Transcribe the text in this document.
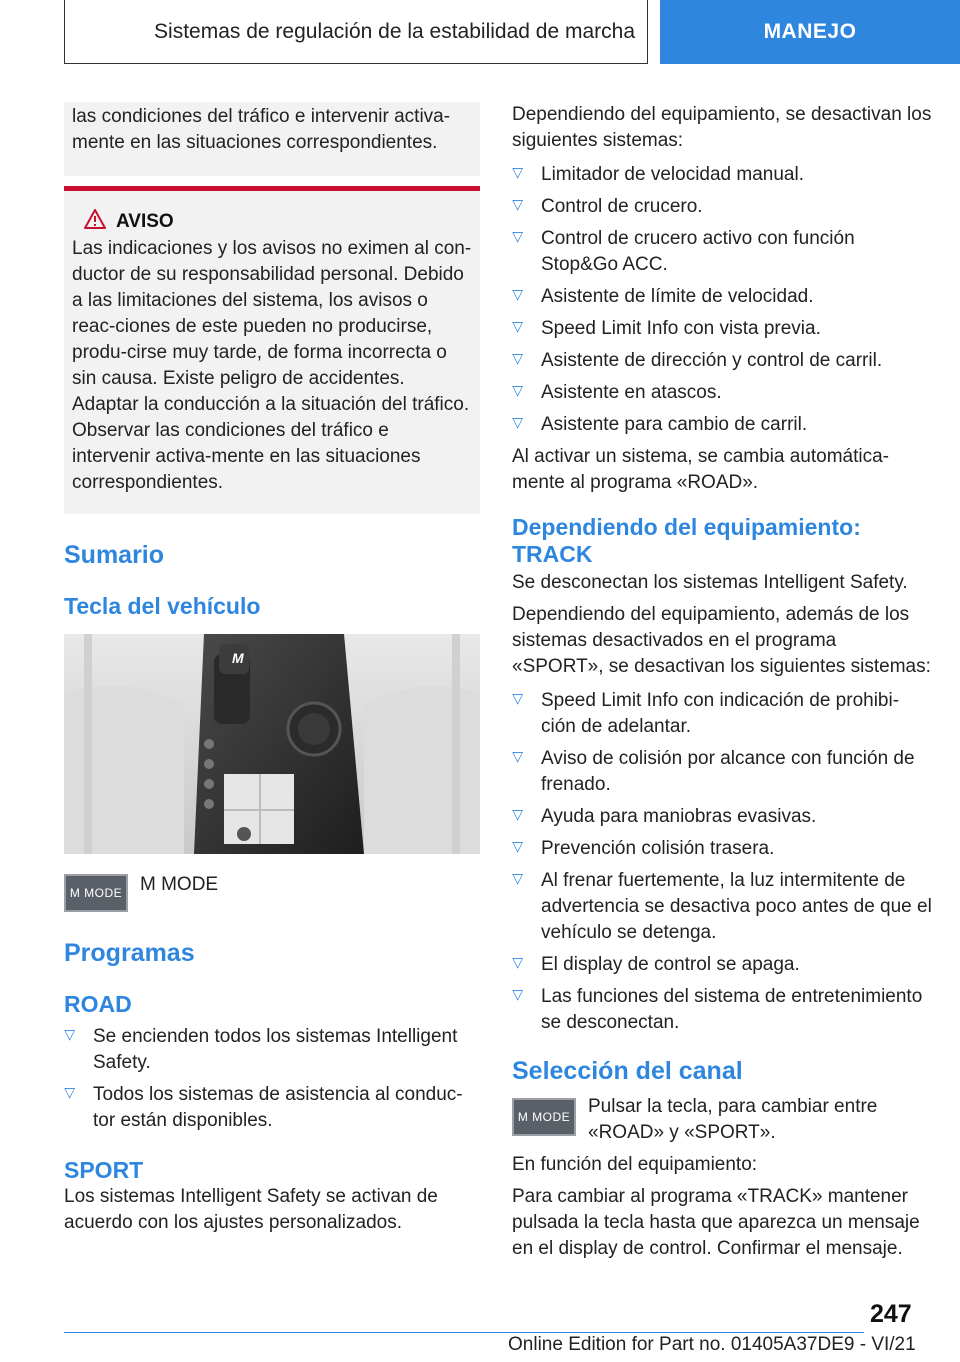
Sistemas de regulación de la estabilidad de marcha	MANEJO

las condiciones del tráfico e intervenir activa-mente en las situaciones correspondientes.

AVISO

Las indicaciones y los avisos no eximen al con-ductor de su responsabilidad personal. Debido a las limitaciones del sistema, los avisos o reac-ciones de este pueden no producirse, produ-cirse muy tarde, de forma incorrecta o sin causa. Existe peligro de accidentes. Adaptar la conducción a la situación del tráfico. Observar las condiciones del tráfico e intervenir activa-mente en las situaciones correspondientes.

Sumario
Tecla del vehículo
M
M MODE M MODE

Programas
ROAD
▷ Se encienden todos los sistemas Intelligent Safety.
▷ Todos los sistemas de asistencia al conduc-tor están disponibles.
SPORT

Los sistemas Intelligent Safety se activan de acuerdo con los ajustes personalizados.

Dependiendo del equipamiento, se desactivan los siguientes sistemas:

▷ Limitador de velocidad manual.
▷ Control de crucero.
▷ Control de crucero activo con función Stop&Go ACC.
▷ Asistente de límite de velocidad.
▷ Speed Limit Info con vista previa.
▷ Asistente de dirección y control de carril.
▷ Asistente en atascos.
▷ Asistente para cambio de carril.

Al activar un sistema, se cambia automática-mente al programa «ROAD».

Dependiendo del equipamiento: TRACK

Se desconectan los sistemas Intelligent Safety.

Dependiendo del equipamiento, además de los sistemas desactivados en el programa «SPORT», se desactivan los siguientes sistemas:

▷ Speed Limit Info con indicación de prohibi-ción de adelantar.
▷ Aviso de colisión por alcance con función de frenado.
▷ Ayuda para maniobras evasivas.
▷ Prevención colisión trasera.
▷ Al frenar fuertemente, la luz intermitente de advertencia se desactiva poco antes de que el vehículo se detenga.
▷ El display de control se apaga.
▷ Las funciones del sistema de entretenimiento se desconectan.
Selección del canal
M MODE Pulsar la tecla, para cambiar entre «ROAD» y «SPORT».

En función del equipamiento:

Para cambiar al programa «TRACK» mantener pulsada la tecla hasta que aparezca un mensaje en el display de control. Confirmar el mensaje.

247
Online Edition for Part no. 01405A37DE9 - VI/21
